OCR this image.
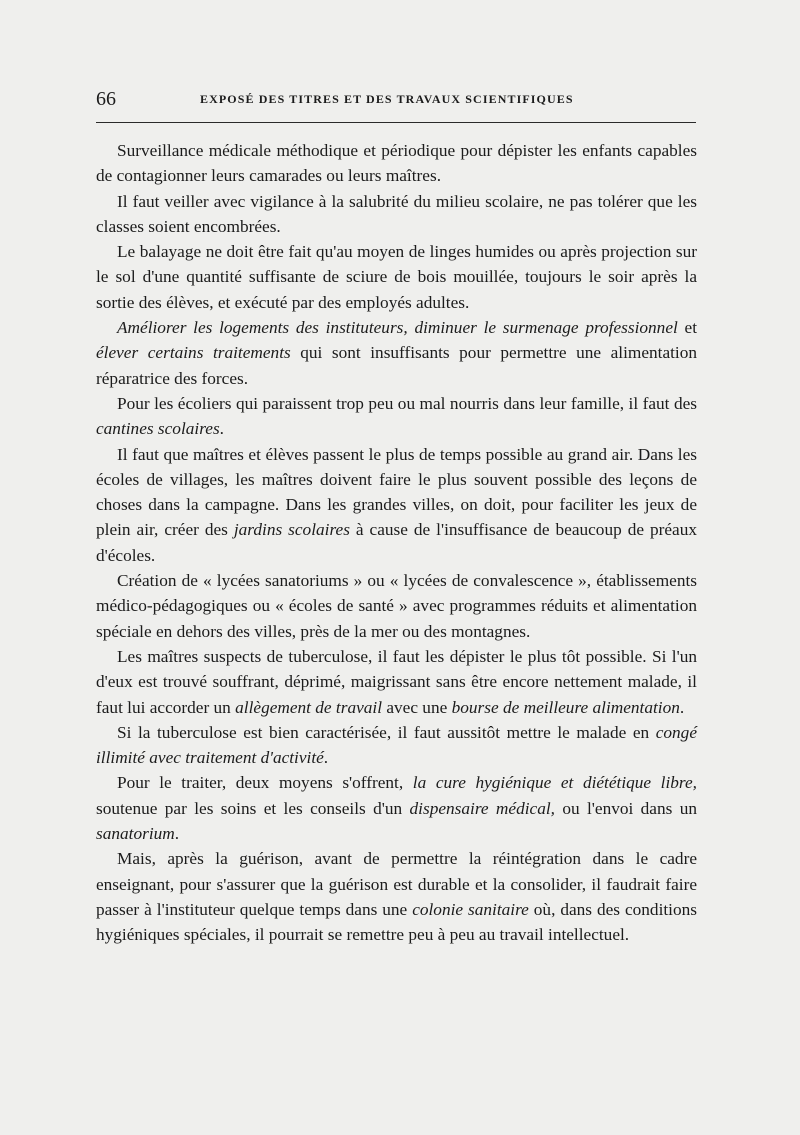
66	EXPOSÉ DES TITRES ET DES TRAVAUX SCIENTIFIQUES

Surveillance médicale méthodique et périodique pour dépister les enfants capables de contagionner leurs camarades ou leurs maîtres.

Il faut veiller avec vigilance à la salubrité du milieu scolaire, ne pas tolérer que les classes soient encombrées.

Le balayage ne doit être fait qu'au moyen de linges humides ou après projection sur le sol d'une quantité suffisante de sciure de bois mouillée, toujours le soir après la sortie des élèves, et exécuté par des employés adultes.

Améliorer les logements des instituteurs, diminuer le surmenage professionnel et élever certains traitements qui sont insuffisants pour permettre une alimentation réparatrice des forces.

Pour les écoliers qui paraissent trop peu ou mal nourris dans leur famille, il faut des cantines scolaires.

Il faut que maîtres et élèves passent le plus de temps possible au grand air. Dans les écoles de villages, les maîtres doivent faire le plus souvent possible des leçons de choses dans la campagne. Dans les grandes villes, on doit, pour faciliter les jeux de plein air, créer des jardins scolaires à cause de l'insuffisance de beaucoup de préaux d'écoles.

Création de « lycées sanatoriums » ou « lycées de convalescence », établissements médico-pédagogiques ou « écoles de santé » avec programmes réduits et alimentation spéciale en dehors des villes, près de la mer ou des montagnes.

Les maîtres suspects de tuberculose, il faut les dépister le plus tôt possible. Si l'un d'eux est trouvé souffrant, déprimé, maigrissant sans être encore nettement malade, il faut lui accorder un allègement de travail avec une bourse de meilleure alimentation.

Si la tuberculose est bien caractérisée, il faut aussitôt mettre le malade en congé illimité avec traitement d'activité.

Pour le traiter, deux moyens s'offrent, la cure hygiénique et diététique libre, soutenue par les soins et les conseils d'un dispensaire médical, ou l'envoi dans un sanatorium.

Mais, après la guérison, avant de permettre la réintégration dans le cadre enseignant, pour s'assurer que la guérison est durable et la consolider, il faudrait faire passer à l'instituteur quelque temps dans une colonie sanitaire où, dans des conditions hygiéniques spéciales, il pourrait se remettre peu à peu au travail intellectuel.
